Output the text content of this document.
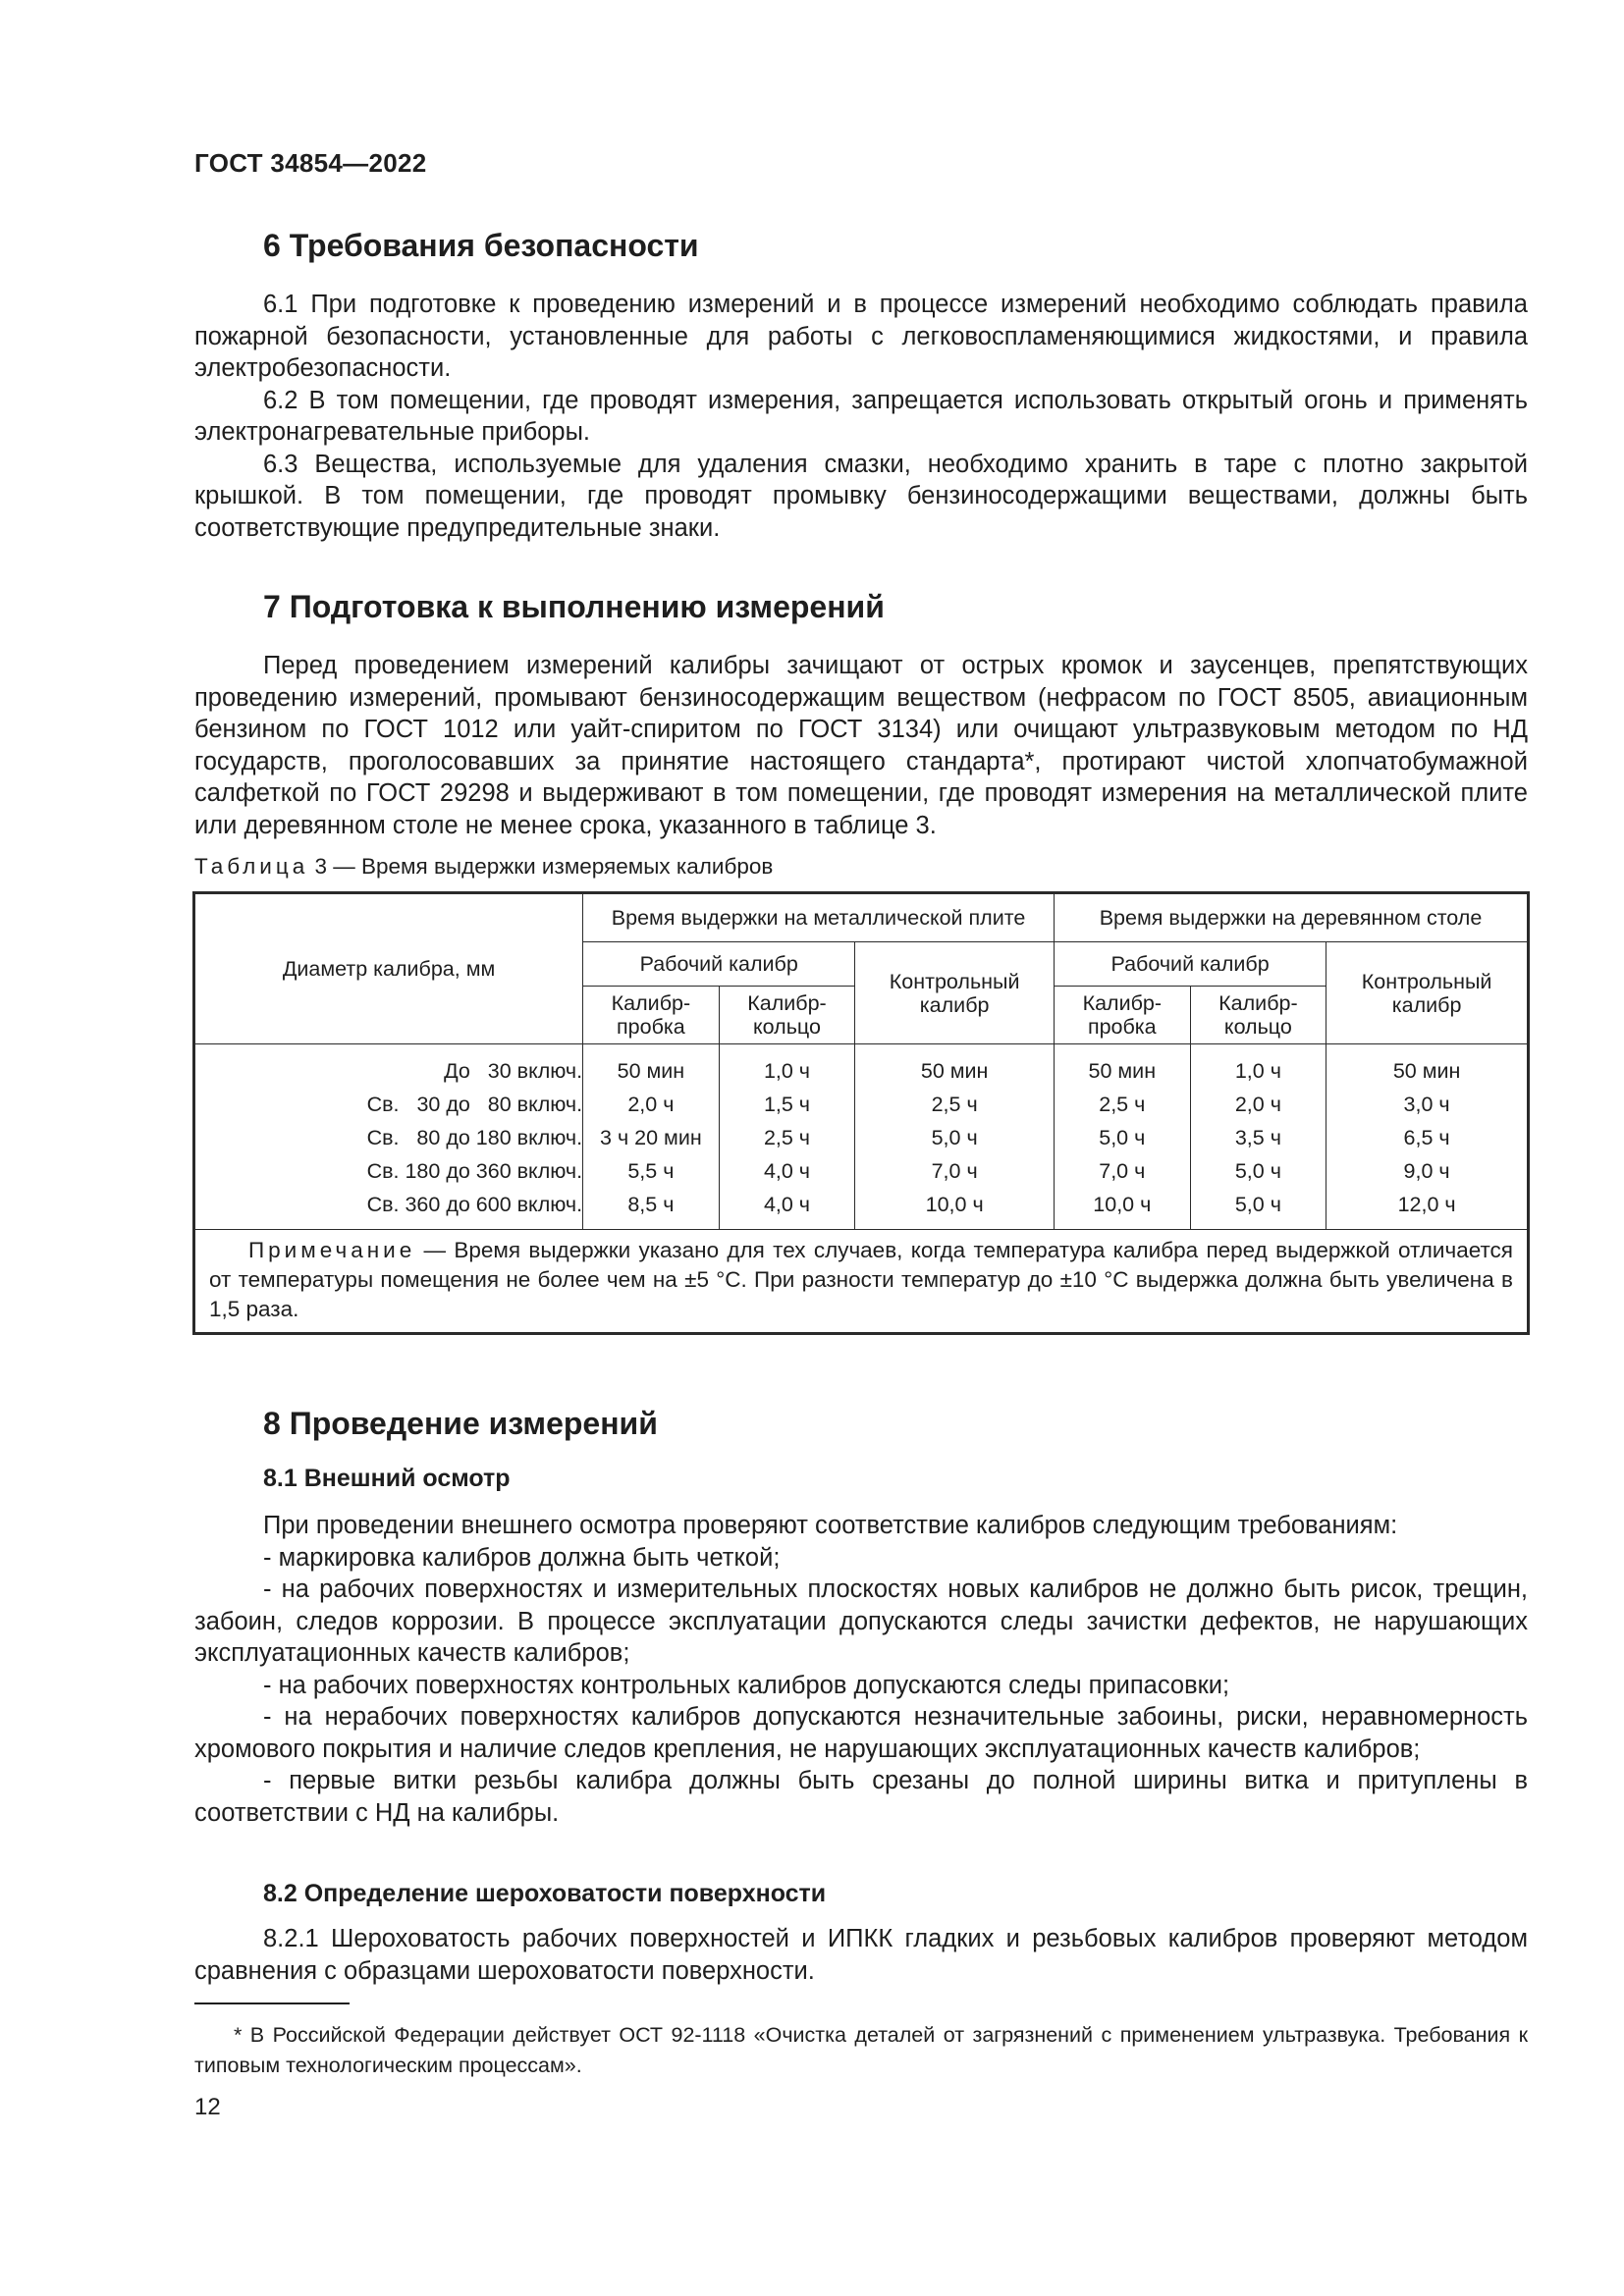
ГОСТ 34854—2022
6 Требования безопасности

6.1 При подготовке к проведению измерений и в процессе измерений необходимо соблюдать правила пожарной безопасности, установленные для работы с легковоспламеняющимися жидкостями, и правила электробезопасности.

6.2 В том помещении, где проводят измерения, запрещается использовать открытый огонь и применять электронагревательные приборы.

6.3 Вещества, используемые для удаления смазки, необходимо хранить в таре с плотно закрытой крышкой. В том помещении, где проводят промывку бензиносодержащими веществами, должны быть соответствующие предупредительные знаки.

7 Подготовка к выполнению измерений

Перед проведением измерений калибры зачищают от острых кромок и заусенцев, препятствующих проведению измерений, промывают бензиносодержащим веществом (нефрасом по ГОСТ 8505, авиационным бензином по ГОСТ 1012 или уайт-спиритом по ГОСТ 3134) или очищают ультразвуковым методом по НД государств, проголосовавших за принятие настоящего стандарта*, протирают чистой хлопчатобумажной салфеткой по ГОСТ 29298 и выдерживают в том помещении, где проводят измерения на металлической плите или деревянном столе не менее срока, указанного в таблице 3.

Таблица 3 — Время выдержки измеряемых калибров
Диаметр калибра, мм	Время выдержки на металлической плите			Время выдержки на деревянном столе		
	Рабочий калибр		Контрольный калибр	Рабочий калибр		Контрольный калибр
	Калибр-пробка	Калибр-кольцо		Калибр-пробка	Калибр-кольцо	
До   30 включ.	50 мин	1,0 ч	50 мин	50 мин	1,0 ч	50 мин
Св.   30 до   80 включ.	2,0 ч	1,5 ч	2,5 ч	2,5 ч	2,0 ч	3,0 ч
Св.   80 до 180 включ.	3 ч 20 мин	2,5 ч	5,0 ч	5,0 ч	3,5 ч	6,5 ч
Св. 180 до 360 включ.	5,5 ч	4,0 ч	7,0 ч	7,0 ч	5,0 ч	9,0 ч
Св. 360 до 600 включ.	8,5 ч	4,0 ч	10,0 ч	10,0 ч	5,0 ч	12,0 ч
Примечание — Время выдержки указано для тех случаев, когда температура калибра перед выдержкой отличается от температуры помещения не более чем на ±5 °С. При разности температур до ±10 °С выдержка должна быть увеличена в 1,5 раза.						
8 Проведение измерений
8.1 Внешний осмотр

При проведении внешнего осмотра проверяют соответствие калибров следующим требованиям:

- маркировка калибров должна быть четкой;

- на рабочих поверхностях и измерительных плоскостях новых калибров не должно быть рисок, трещин, забоин, следов коррозии. В процессе эксплуатации допускаются следы зачистки дефектов, не нарушающих эксплуатационных качеств калибров;

- на рабочих поверхностях контрольных калибров допускаются следы припасовки;

- на нерабочих поверхностях калибров допускаются незначительные забоины, риски, неравномерность хромового покрытия и наличие следов крепления, не нарушающих эксплуатационных качеств калибров;

- первые витки резьбы калибра должны быть срезаны до полной ширины витка и притуплены в соответствии с НД на калибры.

8.2 Определение шероховатости поверхности

8.2.1 Шероховатость рабочих поверхностей и ИПКК гладких и резьбовых калибров проверяют методом сравнения с образцами шероховатости поверхности.

* В Российской Федерации действует ОСТ 92-1118 «Очистка деталей от загрязнений с применением ультразвука. Требования к типовым технологическим процессам».

12
